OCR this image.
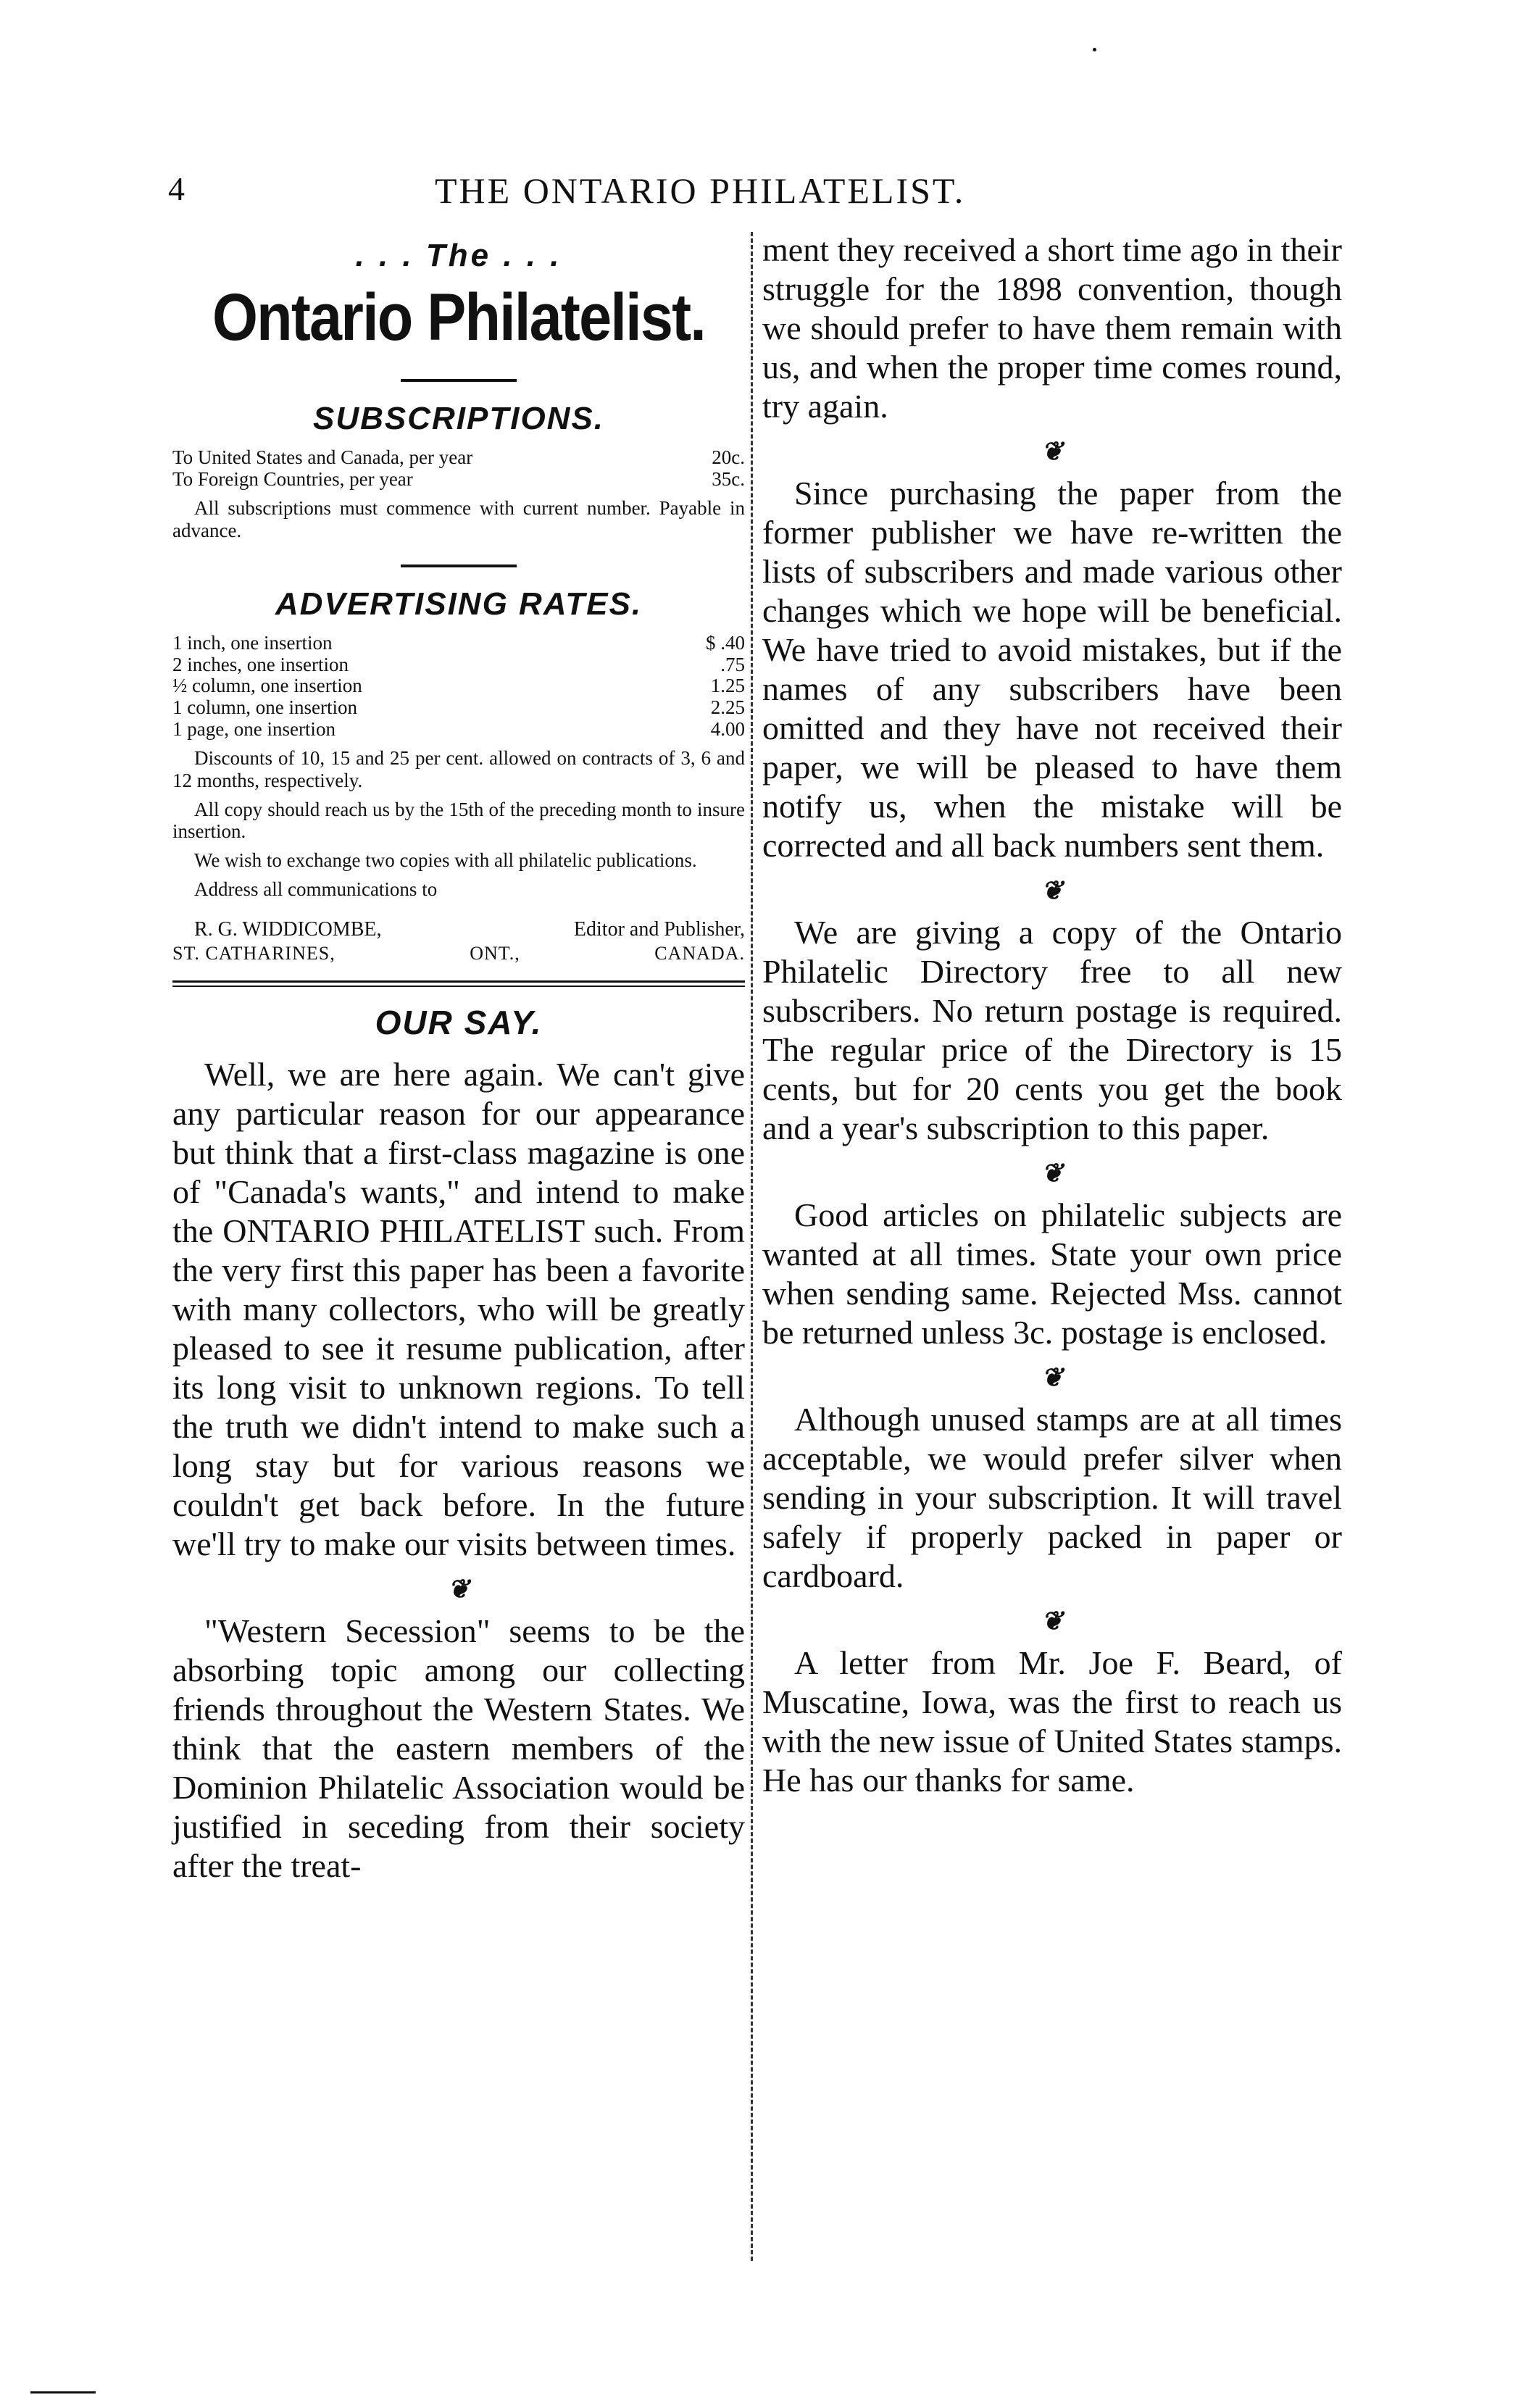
4	THE ONTARIO PHILATELIST.
. . . The . . .
Ontario Philatelist.
SUBSCRIPTIONS.
To United States and Canada, per year	20c.
To Foreign Countries, per year	35c.

All subscriptions must commence with current number. Payable in advance.

ADVERTISING RATES.
1 inch, one insertion	$ .40
2 inches, one insertion	.75
½ column, one insertion	1.25
1 column, one insertion	2.25
1 page, one insertion	4.00

Discounts of 10, 15 and 25 per cent. allowed on contracts of 3, 6 and 12 months, respectively.

All copy should reach us by the 15th of the preceding month to insure insertion.

We wish to exchange two copies with all philatelic publications.

Address all communications to

R. G. WIDDICOMBE,	Editor and Publisher,
ST. CATHARINES,	ONT.,	CANADA.
OUR SAY.

Well, we are here again. We can't give any particular reason for our appearance but think that a first-class magazine is one of "Canada's wants," and intend to make the ONTARIO PHILATELIST such. From the very first this paper has been a favorite with many collectors, who will be greatly pleased to see it resume publication, after its long visit to unknown regions. To tell the truth we didn't intend to make such a long stay but for various reasons we couldn't get back before. In the future we'll try to make our visits between times.

❦

"Western Secession" seems to be the absorbing topic among our collecting friends throughout the Western States. We think that the eastern members of the Dominion Philatelic Association would be justified in seceding from their society after the treat-

ment they received a short time ago in their struggle for the 1898 convention, though we should prefer to have them remain with us, and when the proper time comes round, try again.

❦

Since purchasing the paper from the former publisher we have re-written the lists of subscribers and made various other changes which we hope will be beneficial. We have tried to avoid mistakes, but if the names of any subscribers have been omitted and they have not received their paper, we will be pleased to have them notify us, when the mistake will be corrected and all back numbers sent them.

❦

We are giving a copy of the Ontario Philatelic Directory free to all new subscribers. No return postage is required. The regular price of the Directory is 15 cents, but for 20 cents you get the book and a year's subscription to this paper.

❦

Good articles on philatelic subjects are wanted at all times. State your own price when sending same. Rejected Mss. cannot be returned unless 3c. postage is enclosed.

❦

Although unused stamps are at all times acceptable, we would prefer silver when sending in your subscription. It will travel safely if properly packed in paper or cardboard.

❦

A letter from Mr. Joe F. Beard, of Muscatine, Iowa, was the first to reach us with the new issue of United States stamps. He has our thanks for same.
